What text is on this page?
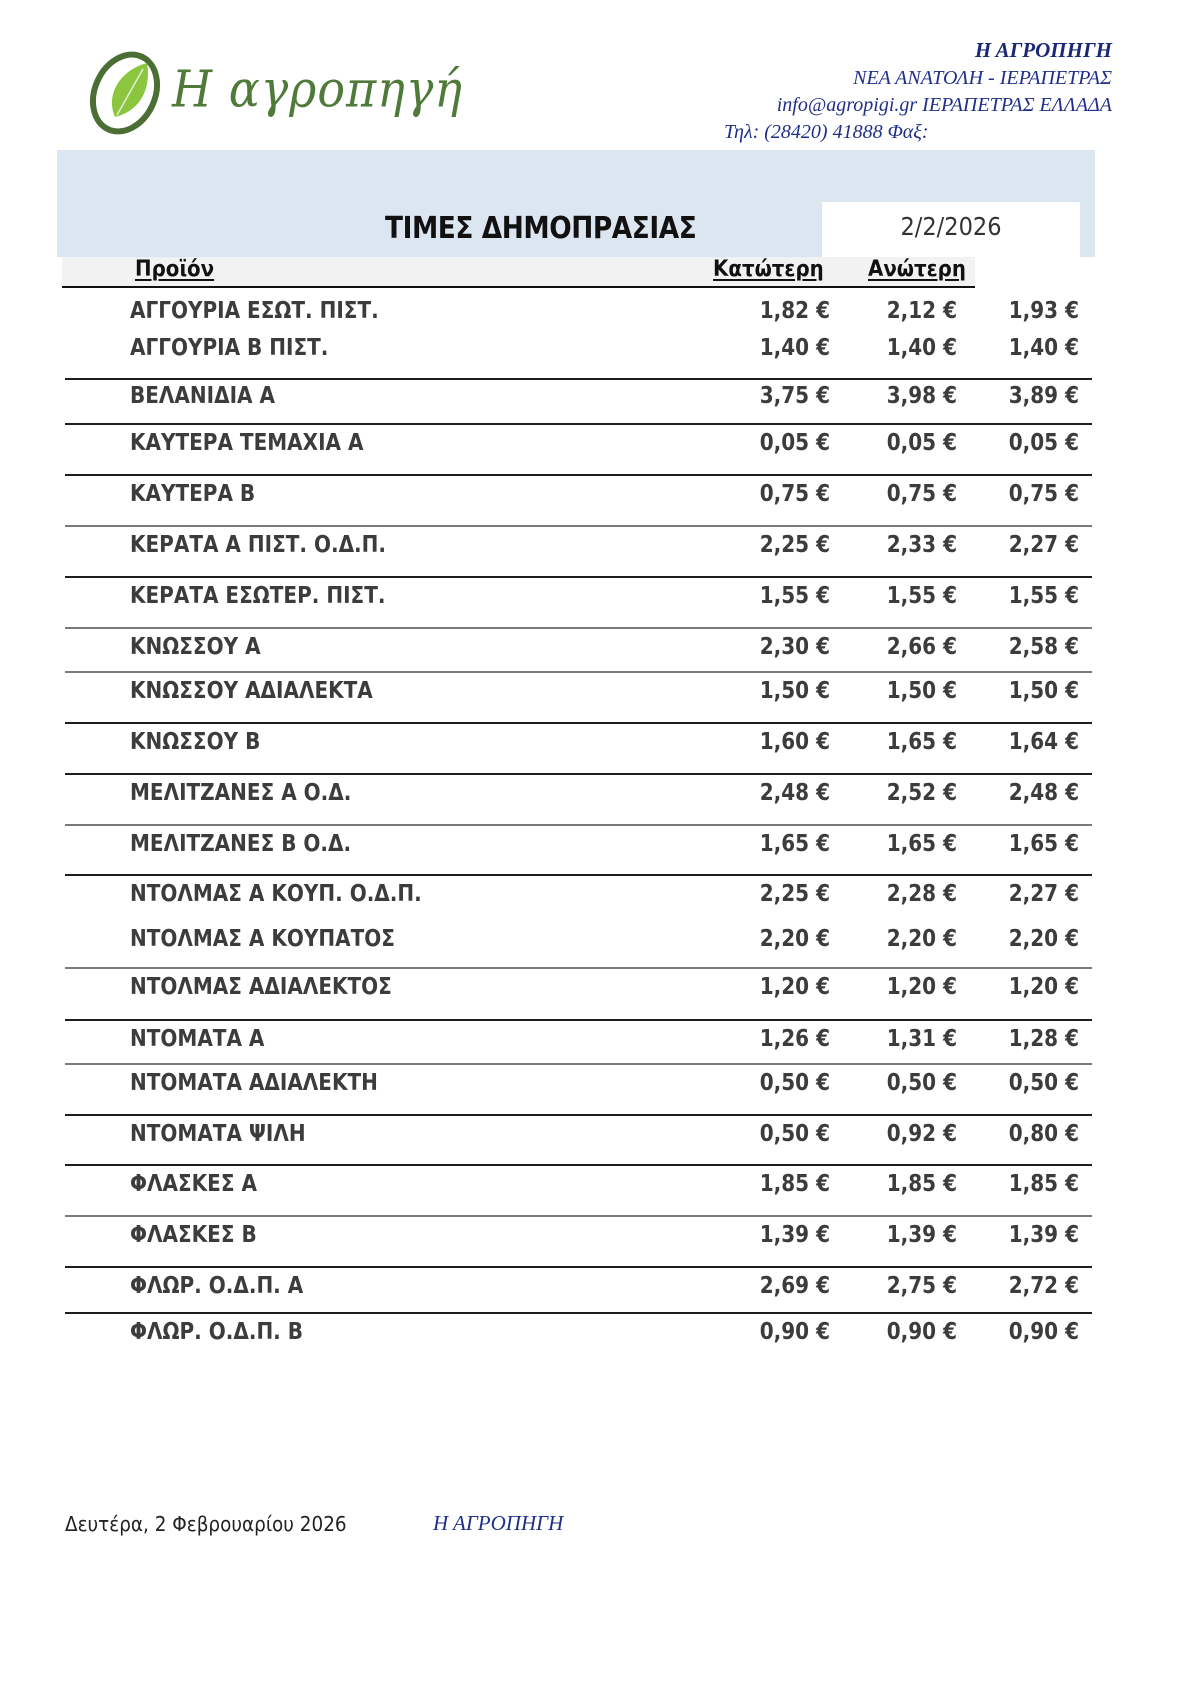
Η αγροπηγή
Η ΑΓΡΟΠΗΓΗ
ΝΕΑ ΑΝΑΤΟΛΗ - ΙΕΡΑΠΕΤΡΑΣ
info@agropigi.gr ΙΕΡΑΠΕΤΡΑΣ ΕΛΛΑΔΑ
Τηλ: (28420) 41888 Φαξ:
ΤΙΜΕΣ ΔΗΜΟΠΡΑΣΙΑΣ	2/2/2026
Προϊόν	Κατώτερη Ανώτερη
ΑΓΓΟΥΡΙΑ ΕΣΩΤ. ΠΙΣΤ.	1,82 €	2,12 €	1,93 €
ΑΓΓΟΥΡΙΑ Β ΠΙΣΤ.	1,40 €	1,40 €	1,40 €
ΒΕΛΑΝΙΔΙΑ Α	3,75 €	3,98 €	3,89 €
ΚΑΥΤΕΡΑ ΤΕΜΑΧΙΑ Α	0,05 €	0,05 €	0,05 €
ΚΑΥΤΕΡΑ Β	0,75 €	0,75 €	0,75 €
ΚΕΡΑΤΑ Α ΠΙΣΤ. Ο.Δ.Π.	2,25 €	2,33 €	2,27 €
ΚΕΡΑΤΑ ΕΣΩΤΕΡ. ΠΙΣΤ.	1,55 €	1,55 €	1,55 €
ΚΝΩΣΣΟΥ Α	2,30 €	2,66 €	2,58 €
ΚΝΩΣΣΟΥ ΑΔΙΑΛΕΚΤΑ	1,50 €	1,50 €	1,50 €
ΚΝΩΣΣΟΥ Β	1,60 €	1,65 €	1,64 €
ΜΕΛΙΤΖΑΝΕΣ Α Ο.Δ.	2,48 €	2,52 €	2,48 €
ΜΕΛΙΤΖΑΝΕΣ Β Ο.Δ.	1,65 €	1,65 €	1,65 €
ΝΤΟΛΜΑΣ Α ΚΟΥΠ. Ο.Δ.Π.	2,25 €	2,28 €	2,27 €
ΝΤΟΛΜΑΣ Α ΚΟΥΠΑΤΟΣ	2,20 €	2,20 €	2,20 €
ΝΤΟΛΜΑΣ ΑΔΙΑΛΕΚΤΟΣ	1,20 €	1,20 €	1,20 €
ΝΤΟΜΑΤΑ Α	1,26 €	1,31 €	1,28 €
ΝΤΟΜΑΤΑ ΑΔΙΑΛΕΚΤΗ	0,50 €	0,50 €	0,50 €
ΝΤΟΜΑΤΑ ΨΙΛΗ	0,50 €	0,92 €	0,80 €
ΦΛΑΣΚΕΣ Α	1,85 €	1,85 €	1,85 €
ΦΛΑΣΚΕΣ Β	1,39 €	1,39 €	1,39 €
ΦΛΩΡ. Ο.Δ.Π. Α	2,69 €	2,75 €	2,72 €
ΦΛΩΡ. Ο.Δ.Π. Β	0,90 €	0,90 €	0,90 €
Δευτέρα, 2 Φεβρουαρίου 2026	Η ΑΓΡΟΠΗΓΗ
